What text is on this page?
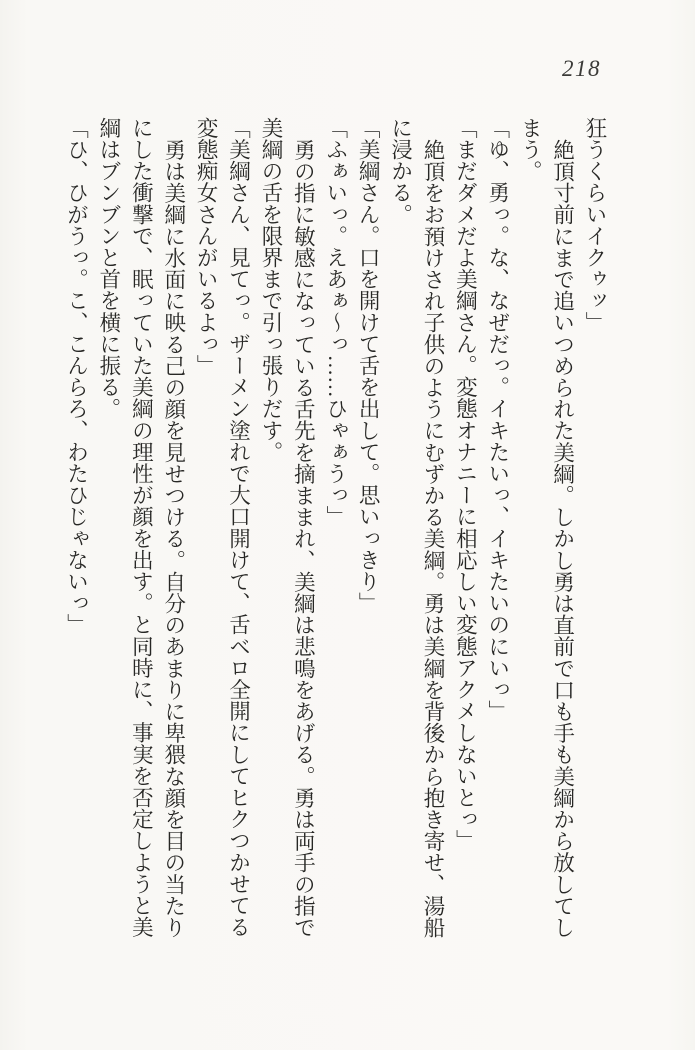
218

狂うくらいイクゥッ」

絶頂寸前にまで追いつめられた美綱。しかし勇は直前で口も手も美綱から放してし

まう。

「ゆ、勇っ。な、なぜだっ。イキたいっ、イキたいのにいっ」

「まだダメだよ美綱さん。変態オナニーに相応しい変態アクメしないとっ」

絶頂をお預けされ子供のようにむずかる美綱。勇は美綱を背後から抱き寄せ、湯船

に浸かる。

「美綱さん。口を開けて舌を出して。思いっきり」

「ふぁいっ。えあぁ〜っ……ひゃぁうっ」

勇の指に敏感になっている舌先を摘ままれ、美綱は悲鳴をあげる。勇は両手の指で

美綱の舌を限界まで引っ張りだす。

「美綱さん、見てっ。ザーメン塗れで大口開けて、舌ベロ全開にしてヒクつかせてる

変態痴女さんがいるよっ」

勇は美綱に水面に映る己の顔を見せつける。自分のあまりに卑猥な顔を目の当たり

にした衝撃で、眠っていた美綱の理性が顔を出す。と同時に、事実を否定しようと美

綱はブンブンと首を横に振る。

「ひ、ひがうっ。こ、こんらろ、わたひじゃないっ」
